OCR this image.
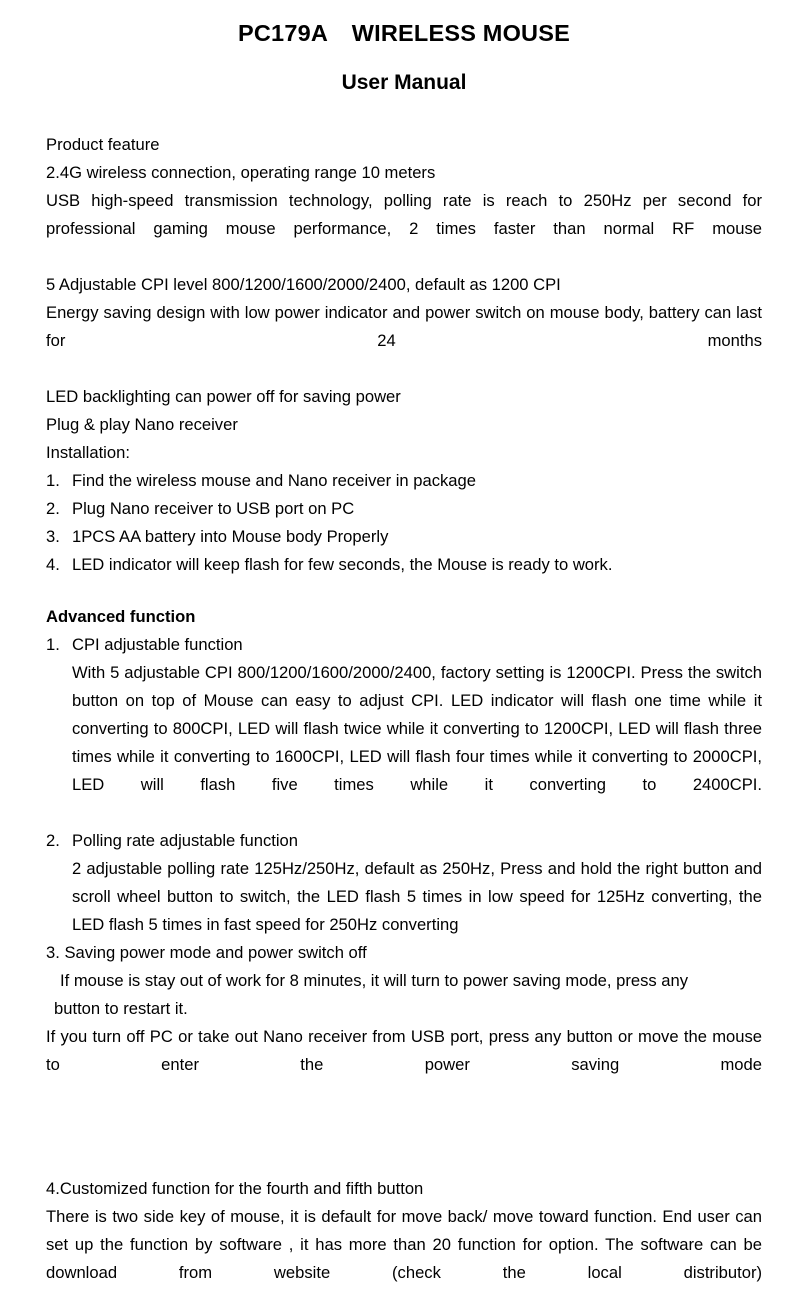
PC179A WIRELESS MOUSE
User Manual

Product feature

2.4G wireless connection, operating range 10 meters

USB high-speed transmission technology, polling rate is reach to 250Hz per second for professional gaming mouse performance, 2 times faster than normal RF mouse

5 Adjustable CPI level 800/1200/1600/2000/2400, default as 1200 CPI

Energy saving design with low power indicator and power switch on mouse body, battery can last for 24 months

LED backlighting can power off for saving power

Plug & play Nano receiver

Installation:

1. Find the wireless mouse and Nano receiver in package
2. Plug Nano receiver to USB port on PC
3. 1PCS AA battery into Mouse body Properly
4. LED indicator will keep flash for few seconds, the Mouse is ready to work.

Advanced function

1. CPI adjustable function

With 5 adjustable CPI 800/1200/1600/2000/2400, factory setting is 1200CPI. Press the switch button on top of Mouse can easy to adjust CPI. LED indicator will flash one time while it converting to 800CPI, LED will flash twice while it converting to 1200CPI, LED will flash three times while it converting to 1600CPI, LED will flash four times while it converting to 2000CPI, LED will flash five times while it converting to 2400CPI.

2. Polling rate adjustable function

2 adjustable polling rate 125Hz/250Hz, default as 250Hz, Press and hold the right button and scroll wheel button to switch, the LED flash 5 times in low speed for 125Hz converting, the LED flash 5 times in fast speed for 250Hz converting

3. Saving power mode and power switch off

If mouse is stay out of work for 8 minutes, it will turn to power saving mode, press any

button to restart it.

If you turn off PC or take out Nano receiver from USB port, press any button or move the mouse to enter the power saving mode

4.Customized function for the fourth and fifth button

There is two side key of mouse, it is default for move back/ move toward function. End user can set up the function by software , it has more than 20 function for option. The software can be download from website (check the local distributor)
